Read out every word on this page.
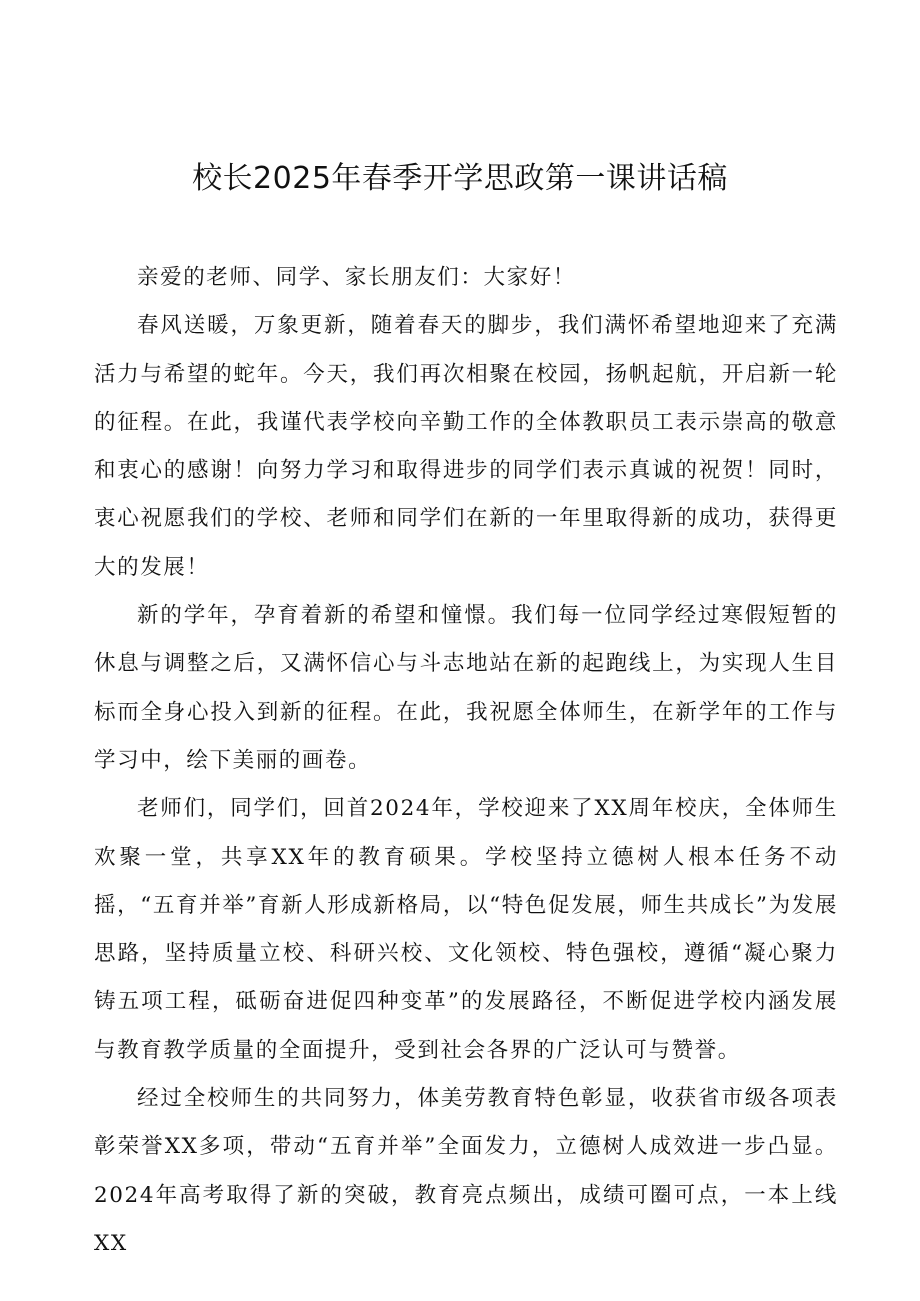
校长2025年春季开学思政第一课讲话稿

亲爱的老师、同学、家长朋友们：大家好！

春风送暖，万象更新，随着春天的脚步，我们满怀希望地迎来了充满活力与希望的蛇年。今天，我们再次相聚在校园，扬帆起航，开启新一轮的征程。在此，我谨代表学校向辛勤工作的全体教职员工表示崇高的敬意和衷心的感谢！向努力学习和取得进步的同学们表示真诚的祝贺！同时，衷心祝愿我们的学校、老师和同学们在新的一年里取得新的成功，获得更大的发展！

新的学年，孕育着新的希望和憧憬。我们每一位同学经过寒假短暂的休息与调整之后，又满怀信心与斗志地站在新的起跑线上，为实现人生目标而全身心投入到新的征程。在此，我祝愿全体师生，在新学年的工作与学习中，绘下美丽的画卷。

老师们，同学们，回首2024年，学校迎来了XX周年校庆，全体师生欢聚一堂，共享XX年的教育硕果。学校坚持立德树人根本任务不动摇，“五育并举”育新人形成新格局，以“特色促发展，师生共成长”为发展思路，坚持质量立校、科研兴校、文化领校、特色强校，遵循“凝心聚力铸五项工程，砥砺奋进促四种变革”的发展路径，不断促进学校内涵发展与教育教学质量的全面提升，受到社会各界的广泛认可与赞誉。

经过全校师生的共同努力，体美劳教育特色彰显，收获省市级各项表彰荣誉XX多项，带动“五育并举”全面发力，立德树人成效进一步凸显。2024年高考取得了新的突破，教育亮点频出，成绩可圈可点，一本上线XX
